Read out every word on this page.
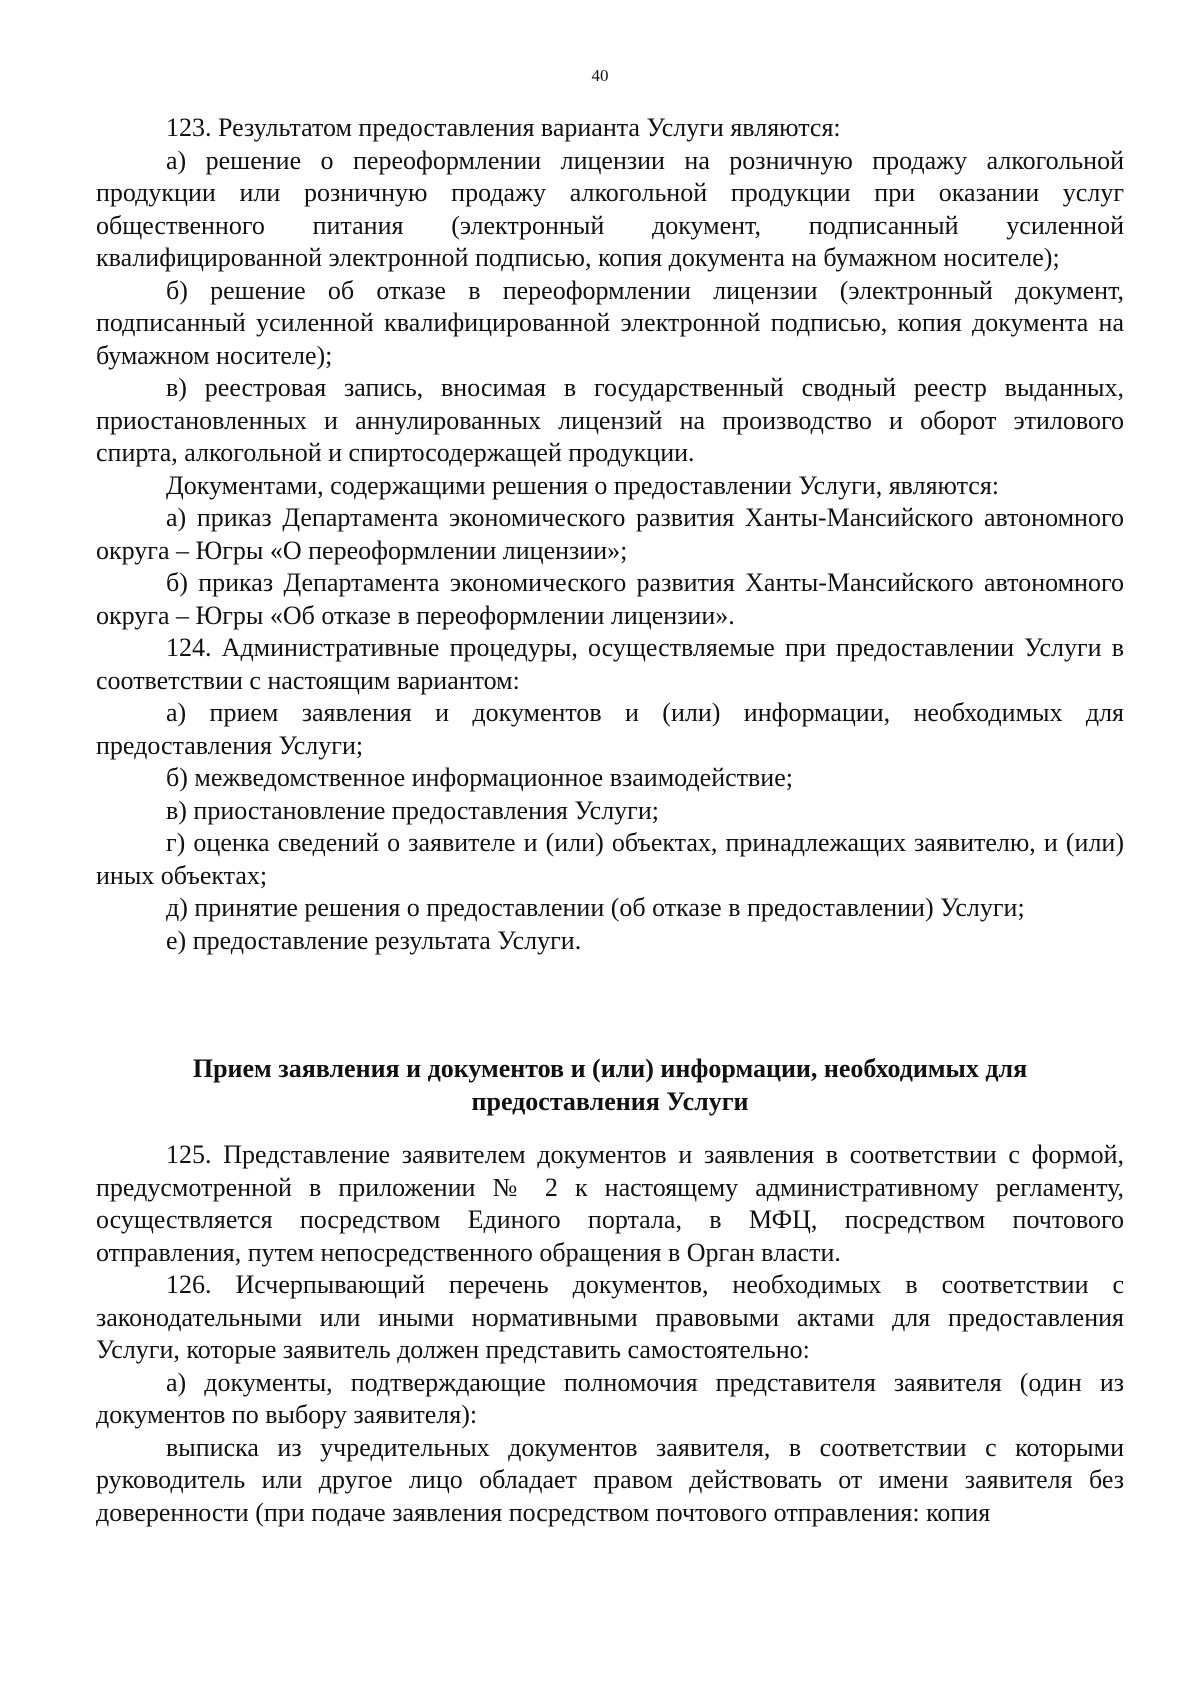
40

123. Результатом предоставления варианта Услуги являются:

а) решение о переоформлении лицензии на розничную продажу алкогольной продукции или розничную продажу алкогольной продукции при оказании услуг общественного питания (электронный документ, подписанный усиленной квалифицированной электронной подписью, копия документа на бумажном носителе);

б) решение об отказе в переоформлении лицензии (электронный документ, подписанный усиленной квалифицированной электронной подписью, копия документа на бумажном носителе);

в) реестровая запись, вносимая в государственный сводный реестр выданных, приостановленных и аннулированных лицензий на производство и оборот этилового спирта, алкогольной и спиртосодержащей продукции.

Документами, содержащими решения о предоставлении Услуги, являются:

а) приказ Департамента экономического развития Ханты-Мансийского автономного округа – Югры «О переоформлении лицензии»;

б) приказ Департамента экономического развития Ханты-Мансийского автономного округа – Югры «Об отказе в переоформлении лицензии».

124. Административные процедуры, осуществляемые при предоставлении Услуги в соответствии с настоящим вариантом:

а) прием заявления и документов и (или) информации, необходимых для предоставления Услуги;

б) межведомственное информационное взаимодействие;

в) приостановление предоставления Услуги;

г) оценка сведений о заявителе и (или) объектах, принадлежащих заявителю, и (или) иных объектах;

д) принятие решения о предоставлении (об отказе в предоставлении) Услуги;

е) предоставление результата Услуги.

Прием заявления и документов и (или) информации, необходимых для
предоставления Услуги

125. Представление заявителем документов и заявления в соответствии с формой, предусмотренной в приложении № 2 к настоящему административному регламенту, осуществляется посредством Единого портала, в МФЦ, посредством почтового отправления, путем непосредственного обращения в Орган власти.

126. Исчерпывающий перечень документов, необходимых в соответствии с законодательными или иными нормативными правовыми актами для предоставления Услуги, которые заявитель должен представить самостоятельно:

а) документы, подтверждающие полномочия представителя заявителя (один из документов по выбору заявителя):

выписка из учредительных документов заявителя, в соответствии с которыми руководитель или другое лицо обладает правом действовать от имени заявителя без доверенности (при подаче заявления посредством почтового отправления: копия
